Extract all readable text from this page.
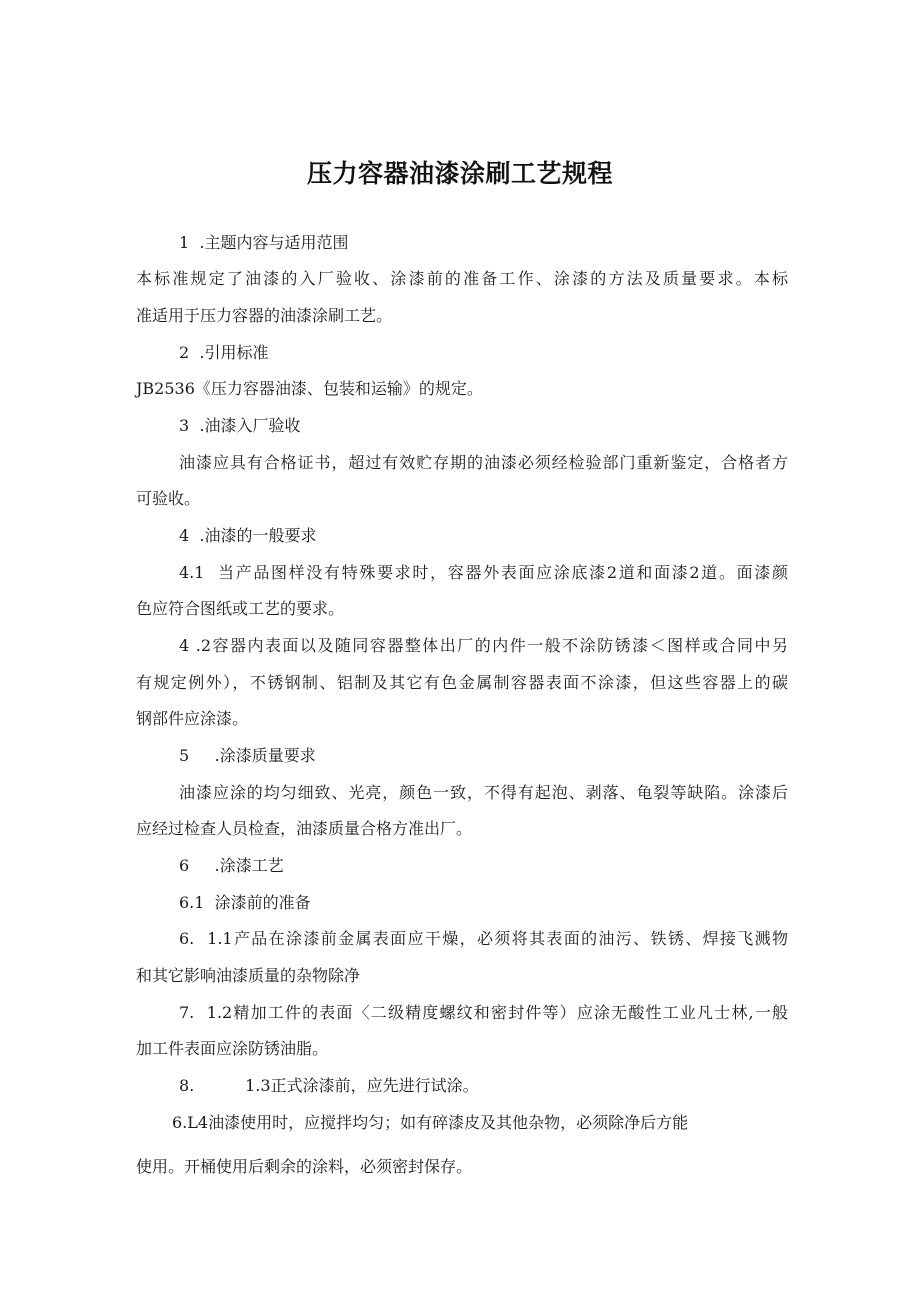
压力容器油漆涂刷工艺规程
1  .主题内容与适用范围
本标准规定了油漆的入厂验收、涂漆前的准备工作、涂漆的方法及质量要求。本标
准适用于压力容器的油漆涂刷工艺。
2  .引用标准
JB2536《压力容器油漆、包装和运输》的规定。
3  .油漆入厂验收
油漆应具有合格证书，超过有效贮存期的油漆必须经检验部门重新鉴定，合格者方
可验收。
4  .油漆的一般要求
4.1  当产品图样没有特殊要求时，容器外表面应涂底漆2道和面漆2道。面漆颜
色应符合图纸或工艺的要求。
4 .2容器内表面以及随同容器整体出厂的内件一般不涂防锈漆＜图样或合同中另
有规定例外），不锈钢制、铝制及其它有色金属制容器表面不涂漆，但这些容器上的碳
钢部件应涂漆。
5     .涂漆质量要求
油漆应涂的均匀细致、光亮，颜色一致，不得有起泡、剥落、龟裂等缺陷。涂漆后
应经过检查人员检查，油漆质量合格方准出厂。
6     .涂漆工艺
6.1  涂漆前的准备
6.  1.1产品在涂漆前金属表面应干燥，必须将其表面的油污、铁锈、焊接飞溅物
和其它影响油漆质量的杂物除净
7.  1.2精加工件的表面〈二级精度螺纹和密封件等）应涂无酸性工业凡士林,一般
加工件表面应涂防锈油脂。
8.          1.3正式涂漆前，应先进行试涂。
6.L4油漆使用时，应搅拌均匀；如有碎漆皮及其他杂物，必须除净后方能
使用。开桶使用后剩余的涂料，必须密封保存。
